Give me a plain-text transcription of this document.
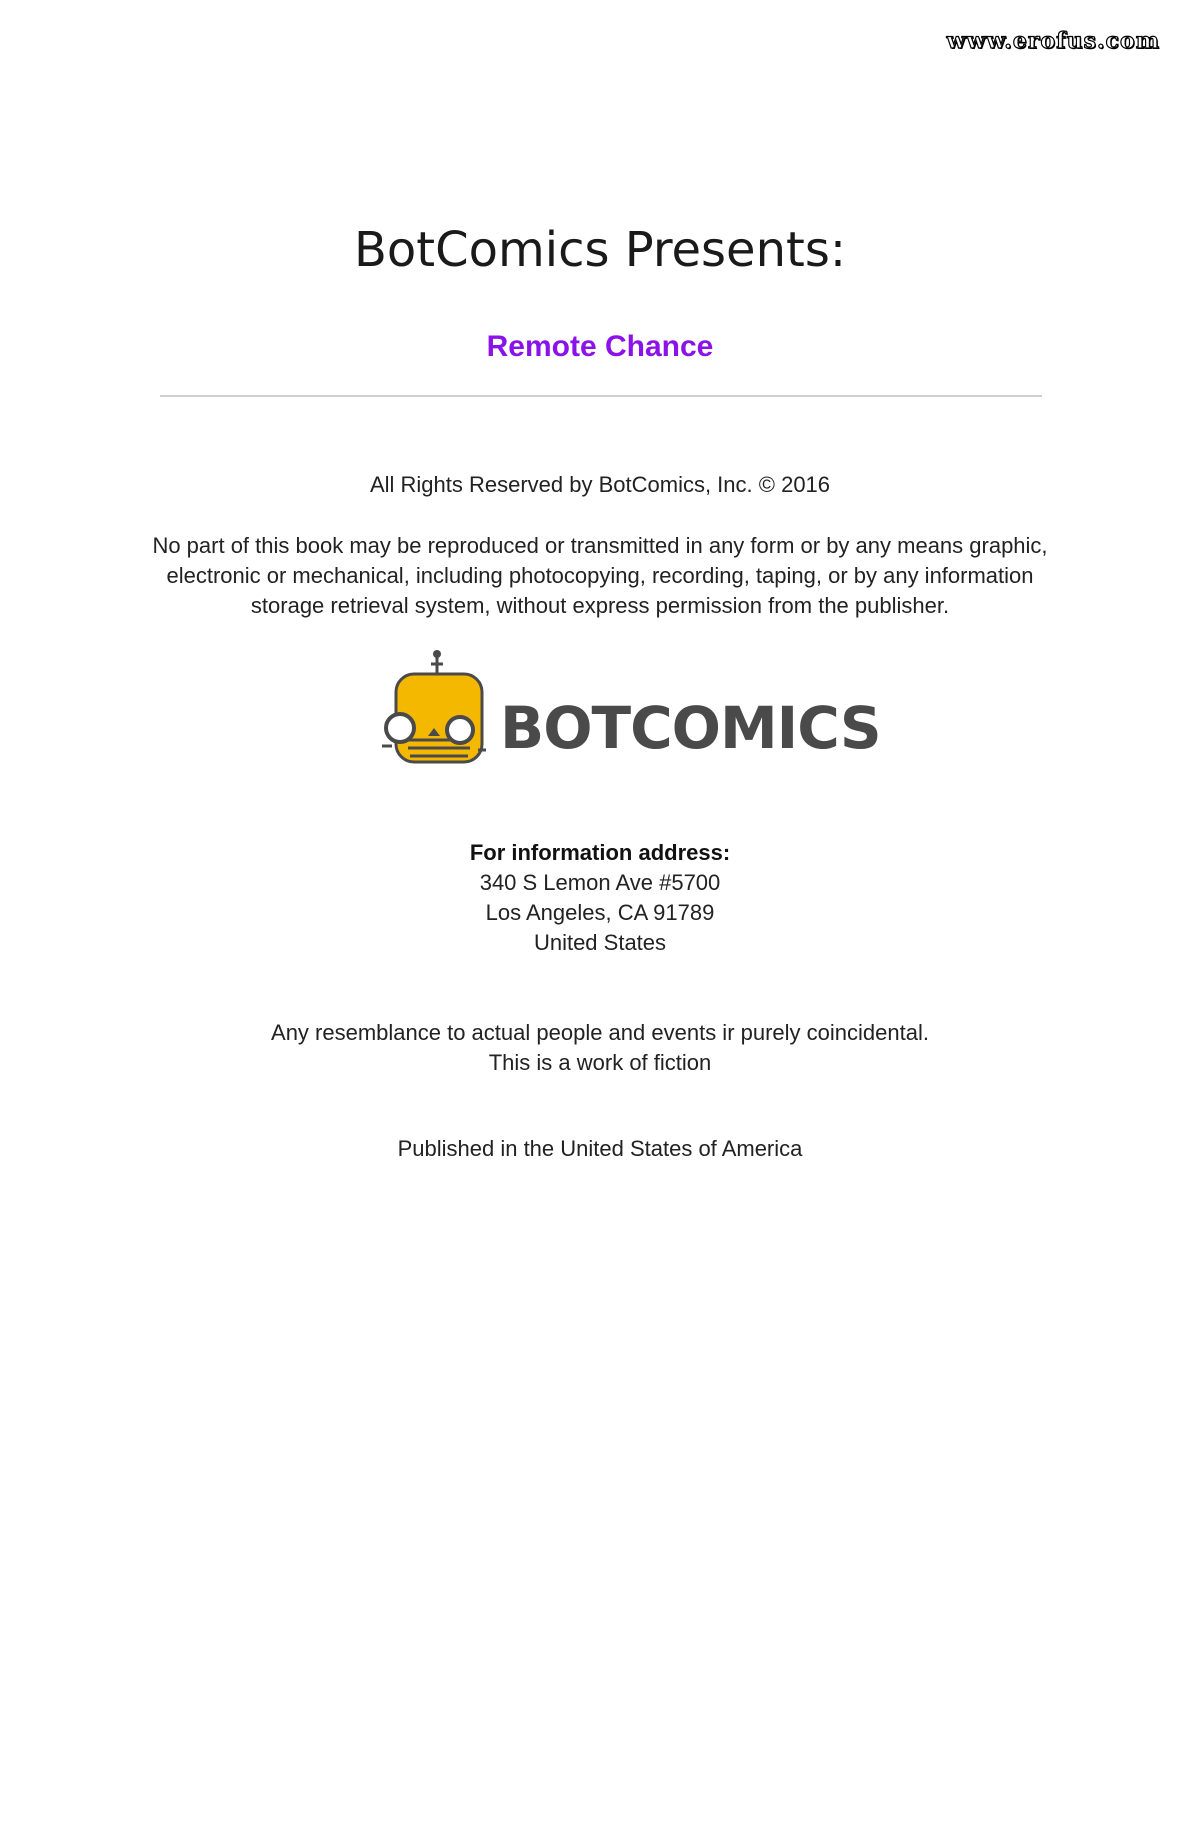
www.erofus.com
BotComics Presents:
Remote Chance
All Rights Reserved by BotComics, Inc. © 2016
No part of this book may be reproduced or transmitted in any form or by any means graphic,
electronic or mechanical, including photocopying, recording, taping, or by any information
storage retrieval system, without express permission from the publisher.
BOTCOMICS
For information address:
340 S Lemon Ave #5700
Los Angeles, CA 91789
United States
Any resemblance to actual people and events ir purely coincidental.
This is a work of fiction
Published in the United States of America
